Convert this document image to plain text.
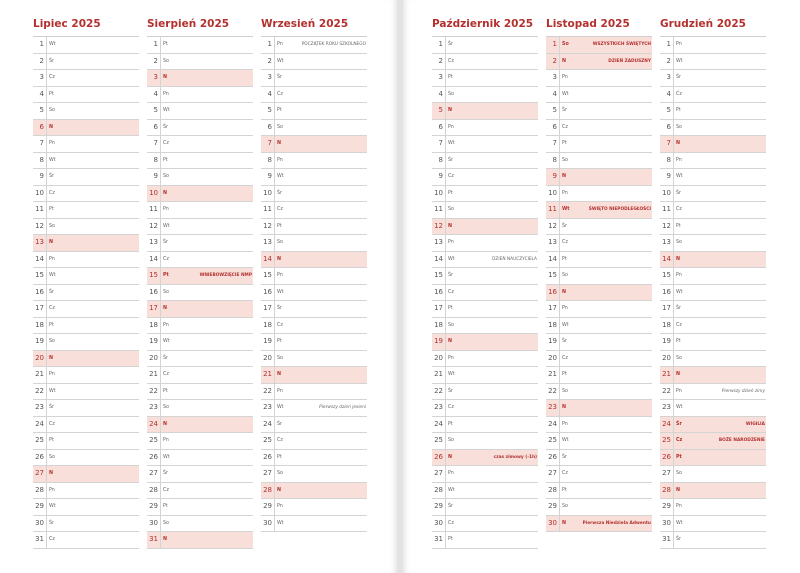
Lipiec 2025
1 Wt
2 Śr
3 Cz
4 Pt
5 So
6 N
7 Pn
8 Wt
9 Śr
10 Cz
11 Pt
12 So
13 N
14 Pn
15 Wt
16 Śr
17 Cz
18 Pt
19 So
20 N
21 Pn
22 Wt
23 Śr
24 Cz
25 Pt
26 So
27 N
28 Pn
29 Wt
30 Śr
31 Cz
Sierpień 2025
1 Pt
2 So
3 N
4 Pn
5 Wt
6 Śr
7 Cz
8 Pt
9 So
10 N
11 Pn
12 Wt
13 Śr
14 Cz
15 Pt	WNIEBOWZIĘCIE NMP
16 So
17 N
18 Pn
19 Wt
20 Śr
21 Cz
22 Pt
23 So
24 N
25 Pn
26 Wt
27 Śr
28 Cz
29 Pt
30 So
31 N
Wrzesień 2025
1 Pn	POCZĄTEK ROKU SZKOLNEGO
2 Wt
3 Śr
4 Cz
5 Pt
6 So
7 N
8 Pn
9 Wt
10 Śr
11 Cz
12 Pt
13 So
14 N
15 Pn
16 Wt
17 Śr
18 Cz
19 Pt
20 So
21 N
22 Pn
23 Wt	Pierwszy dzień jesieni
24 Śr
25 Cz
26 Pt
27 So
28 N
29 Pn
30 Wt
Październik 2025
1 Śr
2 Cz
3 Pt
4 So
5 N
6 Pn
7 Wt
8 Śr
9 Cz
10 Pt
11 So
12 N
13 Pn
14 Wt	DZIEŃ NAUCZYCIELA
15 Śr
16 Cz
17 Pt
18 So
19 N
20 Pn
21 Wt
22 Śr
23 Cz
24 Pt
25 So
26 N	czas zimowy (-1h)
27 Pn
28 Wt
29 Śr
30 Cz
31 Pt
Listopad 2025
1 So	WSZYSTKICH ŚWIĘTYCH
2 N	DZIEŃ ZADUSZNY
3 Pn
4 Wt
5 Śr
6 Cz
7 Pt
8 So
9 N
10 Pn
11 Wt	ŚWIĘTO NIEPODLEGŁOŚCI
12 Śr
13 Cz
14 Pt
15 So
16 N
17 Pn
18 Wt
19 Śr
20 Cz
21 Pt
22 So
23 N
24 Pn
25 Wt
26 Śr
27 Cz
28 Pt
29 So
30 N	Pierwsza Niedziela Adwentu
Grudzień 2025
1 Pn
2 Wt
3 Śr
4 Cz
5 Pt
6 So
7 N
8 Pn
9 Wt
10 Śr
11 Cz
12 Pt
13 So
14 N
15 Pn
16 Wt
17 Śr
18 Cz
19 Pt
20 So
21 N
22 Pn	Pierwszy dzień zimy
23 Wt
24 Śr	WIGILIA
25 Cz	BOŻE NARODZENIE
26 Pt
27 So
28 N
29 Pn
30 Wt
31 Śr
